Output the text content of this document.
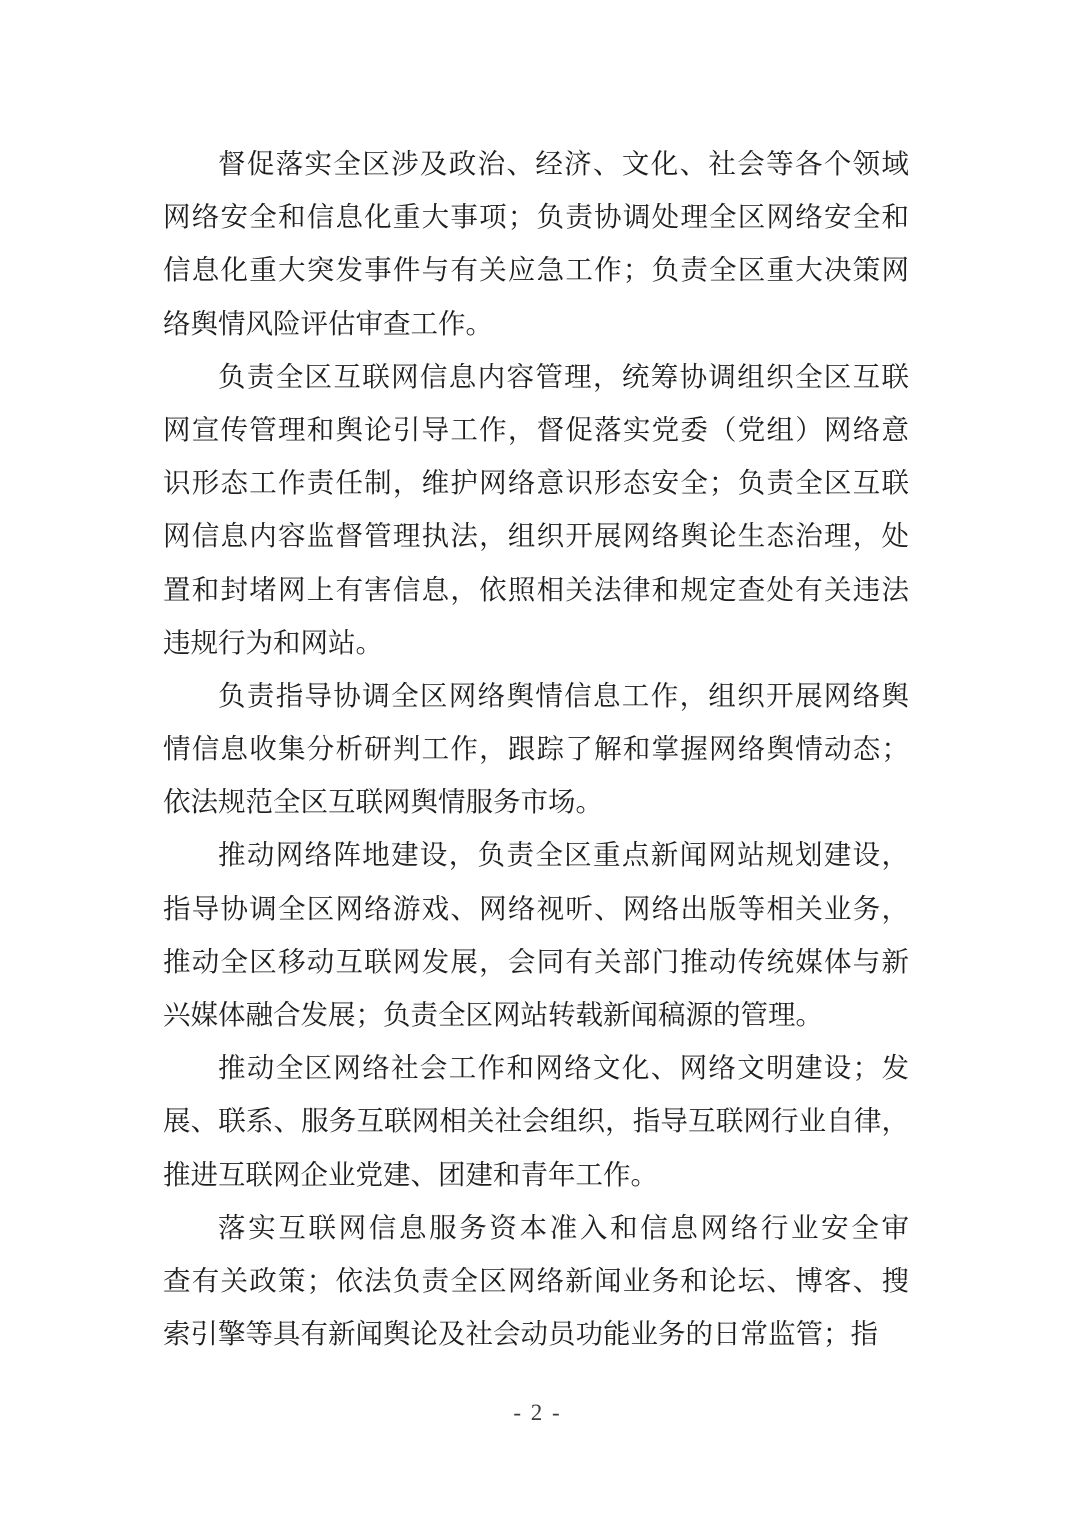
督促落实全区涉及政治、经济、文化、社会等各个领域
网络安全和信息化重大事项；负责协调处理全区网络安全和
信息化重大突发事件与有关应急工作；负责全区重大决策网
络舆情风险评估审查工作。
负责全区互联网信息内容管理，统筹协调组织全区互联
网宣传管理和舆论引导工作，督促落实党委（党组）网络意
识形态工作责任制，维护网络意识形态安全；负责全区互联
网信息内容监督管理执法，组织开展网络舆论生态治理，处
置和封堵网上有害信息，依照相关法律和规定查处有关违法
违规行为和网站。
负责指导协调全区网络舆情信息工作，组织开展网络舆
情信息收集分析研判工作，跟踪了解和掌握网络舆情动态；
依法规范全区互联网舆情服务市场。
推动网络阵地建设，负责全区重点新闻网站规划建设，
指导协调全区网络游戏、网络视听、网络出版等相关业务，
推动全区移动互联网发展，会同有关部门推动传统媒体与新
兴媒体融合发展；负责全区网站转载新闻稿源的管理。
推动全区网络社会工作和网络文化、网络文明建设；发
展、联系、服务互联网相关社会组织，指导互联网行业自律，
推进互联网企业党建、团建和青年工作。
落实互联网信息服务资本准入和信息网络行业安全审
查有关政策；依法负责全区网络新闻业务和论坛、博客、搜
索引擎等具有新闻舆论及社会动员功能业务的日常监管；指
- 2 -
